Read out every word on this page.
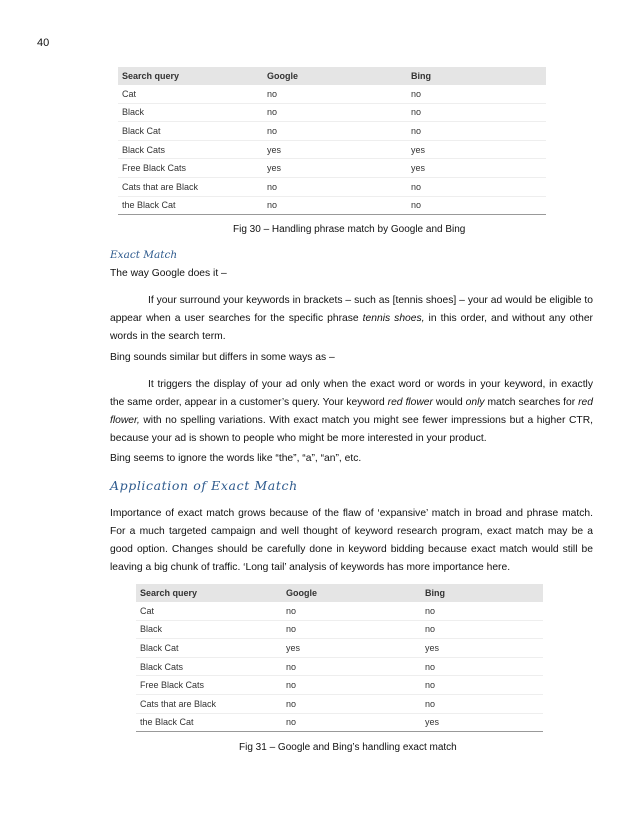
40
Search query	Google	Bing
Cat	no	no
Black	no	no
Black Cat	no	no
Black Cats	yes	yes
Free Black Cats	yes	yes
Cats that are Black	no	no
the Black Cat	no	no
Fig 30 – Handling phrase match by Google and Bing
Exact Match
The way Google does it –
If your surround your keywords in brackets – such as [tennis shoes] – your ad would be eligible to appear when a user searches for the specific phrase tennis shoes, in this order, and without any other words in the search term.
Bing sounds similar but differs in some ways as –
It triggers the display of your ad only when the exact word or words in your keyword, in exactly the same order, appear in a customer’s query. Your keyword red flower would only match searches for red flower, with no spelling variations. With exact match you might see fewer impressions but a higher CTR, because your ad is shown to people who might be more interested in your product.
Bing seems to ignore the words like “the”, “a”, “an”, etc.
Application of Exact Match
Importance of exact match grows because of the flaw of ‘expansive’ match in broad and phrase match. For a much targeted campaign and well thought of keyword research program, exact match may be a good option. Changes should be carefully done in keyword bidding because exact match would still be leaving a big chunk of traffic. ‘Long tail’ analysis of keywords has more importance here.
Search query	Google	Bing
Cat	no	no
Black	no	no
Black Cat	yes	yes
Black Cats	no	no
Free Black Cats	no	no
Cats that are Black	no	no
the Black Cat	no	yes
Fig 31 – Google and Bing’s handling exact match
